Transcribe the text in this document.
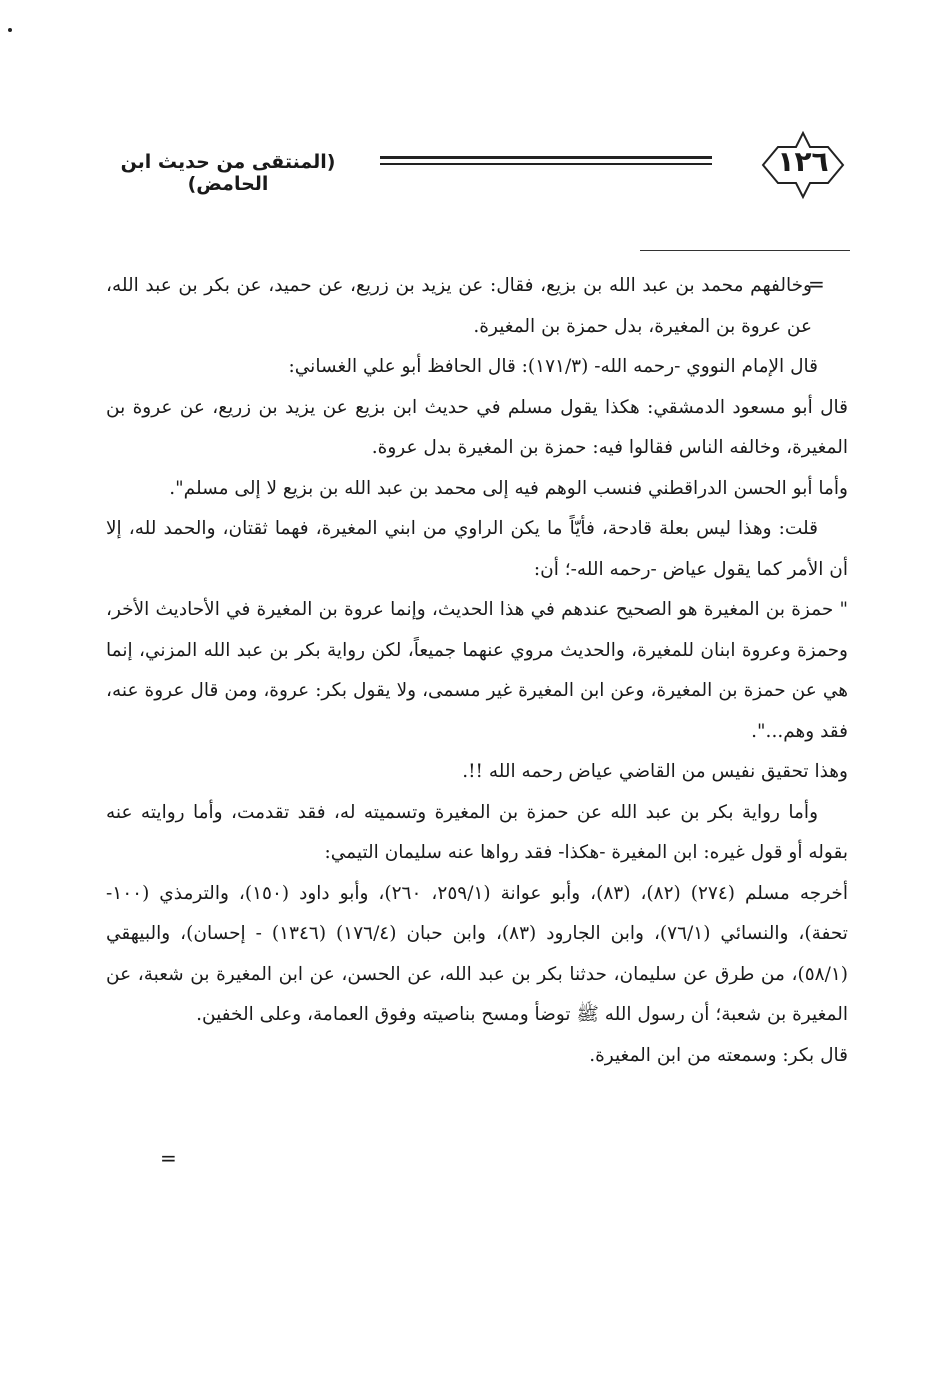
(المنتقى من حديث ابن الحامض)
١٢٦
=

وخالفهم محمد بن عبد الله بن بزيع، فقال: عن يزيد بن زريع، عن حميد، عن بكر بن عبد الله، عن عروة بن المغيرة، بدل حمزة بن المغيرة.

قال الإمام النووي -رحمه الله- (١٧١/٣): قال الحافظ أبو علي الغساني:

قال أبو مسعود الدمشقي: هكذا يقول مسلم في حديث ابن بزيع عن يزيد بن زريع، عن عروة بن المغيرة، وخالفه الناس فقالوا فيه: حمزة بن المغيرة بدل عروة.

وأما أبو الحسن الدراقطني فنسب الوهم فيه إلى محمد بن عبد الله بن بزيع لا إلى مسلم".

قلت: وهذا ليس بعلة قادحة، فأيّاً ما يكن الراوي من ابني المغيرة، فهما ثقتان، والحمد لله، إلا أن الأمر كما يقول عياض -رحمه الله-؛ أن:

" حمزة بن المغيرة هو الصحيح عندهم في هذا الحديث، وإنما عروة بن المغيرة في الأحاديث الأخر، وحمزة وعروة ابنان للمغيرة، والحديث مروي عنهما جميعاً، لكن رواية بكر بن عبد الله المزني، إنما هي عن حمزة بن المغيرة، وعن ابن المغيرة غير مسمى، ولا يقول بكر: عروة، ومن قال عروة عنه، فقد وهم...".

وهذا تحقيق نفيس من القاضي عياض رحمه الله !!.

وأما رواية بكر بن عبد الله عن حمزة بن المغيرة وتسميته له، فقد تقدمت، وأما روايته عنه بقوله أو قول غيره: ابن المغيرة -هكذا- فقد رواها عنه سليمان التيمي:

أخرجه مسلم (٢٧٤) (٨٢)، (٨٣)، وأبو عوانة (٢٥٩/١، ٢٦٠)، وأبو داود (١٥٠)، والترمذي (١٠٠- تحفة)، والنسائي (٧٦/١)، وابن الجارود (٨٣)، وابن حبان (١٧٦/٤) (١٣٤٦) - إحسان)، والبيهقي (٥٨/١)، من طرق عن سليمان، حدثنا بكر بن عبد الله، عن الحسن، عن ابن المغيرة بن شعبة، عن المغيرة بن شعبة؛ أن رسول الله ﷺ توضأ ومسح بناصيته وفوق العمامة، وعلى الخفين.

قال بكر: وسمعته من ابن المغيرة.

=
